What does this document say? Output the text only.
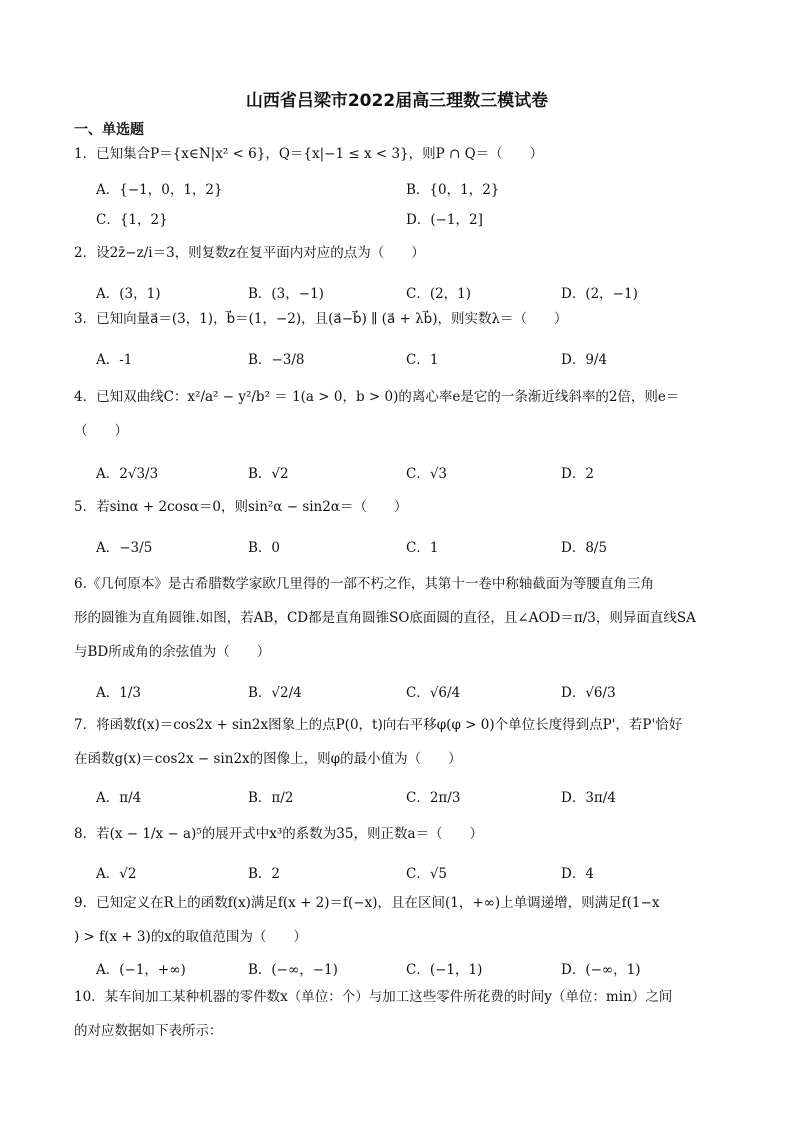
山西省吕梁市2022届高三理数三模试卷
一、单选题
1．已知集合P＝{x∈N|x² < 6}，Q＝{x|−1 ≤ x < 3}，则P ∩ Q＝（　　）
A．{−1，0，1，2}	B．{0，1，2}
C．{1，2}	D．(−1，2]
2．设2z̄−z/i＝3，则复数z在复平面内对应的点为（　　）
A．(3，1)	B．(3，−1)	C．(2，1)	D．(2，−1)
3．已知向量a⃗＝(3，1)，b⃗＝(1，−2)，且(a⃗−b⃗) ∥ (a⃗ + λb⃗)，则实数λ＝（　　）
A．-1	B．−3/8	C．1	D．9/4
4．已知双曲线C：x²/a² − y²/b² ＝ 1(a > 0，b > 0)的离心率e是它的一条渐近线斜率的2倍，则e＝
（　　）
A．2√3/3	B．√2	C．√3	D．2
5．若sinα + 2cosα＝0，则sin²α − sin2α＝（　　）
A．−3/5	B．0	C．1	D．8/5
6.《几何原本》是古希腊数学家欧几里得的一部不朽之作，其第十一卷中称轴截面为等腰直角三角
形的圆锥为直角圆锥.如图，若AB，CD都是直角圆锥SO底面圆的直径，且∠AOD＝π/3，则异面直线SA
与BD所成角的余弦值为（　　）
A．1/3	B．√2/4	C．√6/4	D．√6/3
7．将函数f(x)＝cos2x + sin2x图象上的点P(0，t)向右平移φ(φ > 0)个单位长度得到点P'，若P'恰好
在函数g(x)＝cos2x − sin2x的图像上，则φ的最小值为（　　）
A．π/4	B．π/2	C．2π/3	D．3π/4
8．若(x − 1/x − a)⁵的展开式中x³的系数为35，则正数a＝（　　）
A．√2	B．2	C．√5	D．4
9．已知定义在R上的函数f(x)满足f(x + 2)＝f(−x)，且在区间(1，+∞)上单调递增，则满足f(1−x
) > f(x + 3)的x的取值范围为（　　）
A．(−1，+∞)	B．(−∞，−1)	C．(−1，1)	D．(−∞，1)
10．某车间加工某种机器的零件数x（单位：个）与加工这些零件所花费的时间y（单位：min）之间
的对应数据如下表所示：
